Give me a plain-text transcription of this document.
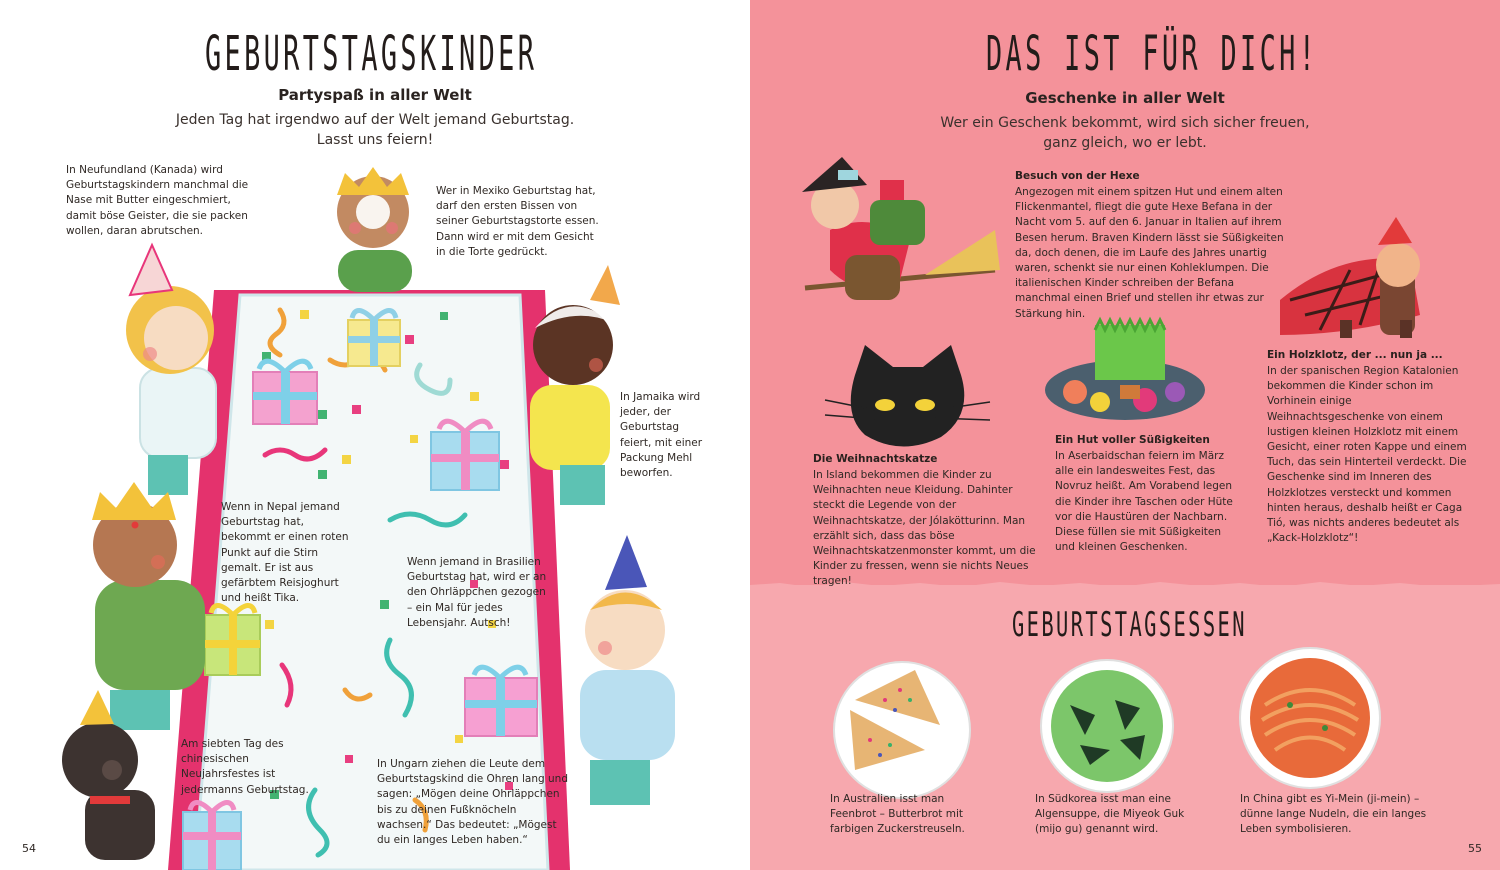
GEBURTSTAGSKINDER
Partyspaß in aller Welt

Jeden Tag hat irgendwo auf der Welt jemand Geburtstag.

Lasst uns feiern!

In Neufundland (Kanada) wird Geburtstagskindern manchmal die Nase mit Butter eingeschmiert, damit böse Geister, die sie packen wollen, daran abrutschen.

Wer in Mexiko Geburtstag hat, darf den ersten Bissen von seiner Geburtstagstorte essen. Dann wird er mit dem Gesicht in die Torte gedrückt.

In Jamaika wird jeder, der Geburtstag feiert, mit einer Packung Mehl beworfen.

Wenn in Nepal jemand Geburtstag hat, bekommt er einen roten Punkt auf die Stirn gemalt. Er ist aus gefärbtem Reisjoghurt und heißt Tika.

Wenn jemand in Brasilien Geburtstag hat, wird er an den Ohrläppchen gezogen – ein Mal für jedes Lebensjahr. Autsch!

Am siebten Tag des chinesischen Neujahrsfestes ist jedermanns Geburtstag.

In Ungarn ziehen die Leute dem Geburtstagskind die Ohren lang und sagen: „Mögen deine Ohrläppchen bis zu deinen Fußknöcheln wachsen.“ Das bedeutet: „Mögest du ein langes Leben haben.“

54
DAS IST FÜR DICH!
Geschenke in aller Welt

Wer ein Geschenk bekommt, wird sich sicher freuen,

ganz gleich, wo er lebt.

Besuch von der Hexe

Angezogen mit einem spitzen Hut und einem alten Flickenmantel, fliegt die gute Hexe Befana in der Nacht vom 5. auf den 6. Januar in Italien auf ihrem Besen herum. Braven Kindern lässt sie Süßigkeiten da, doch denen, die im Laufe des Jahres unartig waren, schenkt sie nur einen Kohleklumpen. Die italienischen Kinder schreiben der Befana manchmal einen Brief und stellen ihr etwas zur Stärkung hin.

Die Weihnachtskatze

In Island bekommen die Kinder zu Weihnachten neue Kleidung. Dahinter steckt die Legende von der Weihnachtskatze, der Jólakötturinn. Man erzählt sich, dass das böse Weihnachtskatzenmonster kommt, um die Kinder zu fressen, wenn sie nichts Neues tragen!

Ein Hut voller Süßigkeiten

In Aserbaidschan feiern im März alle ein landesweites Fest, das Novruz heißt. Am Vorabend legen die Kinder ihre Taschen oder Hüte vor die Haustüren der Nachbarn. Diese füllen sie mit Süßigkeiten und kleinen Geschenken.

Ein Holzklotz, der ... nun ja ...

In der spanischen Region Katalonien bekommen die Kinder schon im Vorhinein einige Weihnachtsgeschenke von einem lustigen kleinen Holzklotz mit einem Gesicht, einer roten Kappe und einem Tuch, das sein Hinterteil verdeckt. Die Geschenke sind im Inneren des Holzklotzes versteckt und kommen hinten heraus, deshalb heißt er Caga Tió, was nichts anderes bedeutet als „Kack-Holzklotz“!

GEBURTSTAGSESSEN

In Australien isst man Feenbrot – Butterbrot mit farbigen Zuckerstreuseln.

In Südkorea isst man eine Algensuppe, die Miyeok Guk (mijo gu) genannt wird.

In China gibt es Yi-Mein (ji-mein) – dünne lange Nudeln, die ein langes Leben symbolisieren.

55
